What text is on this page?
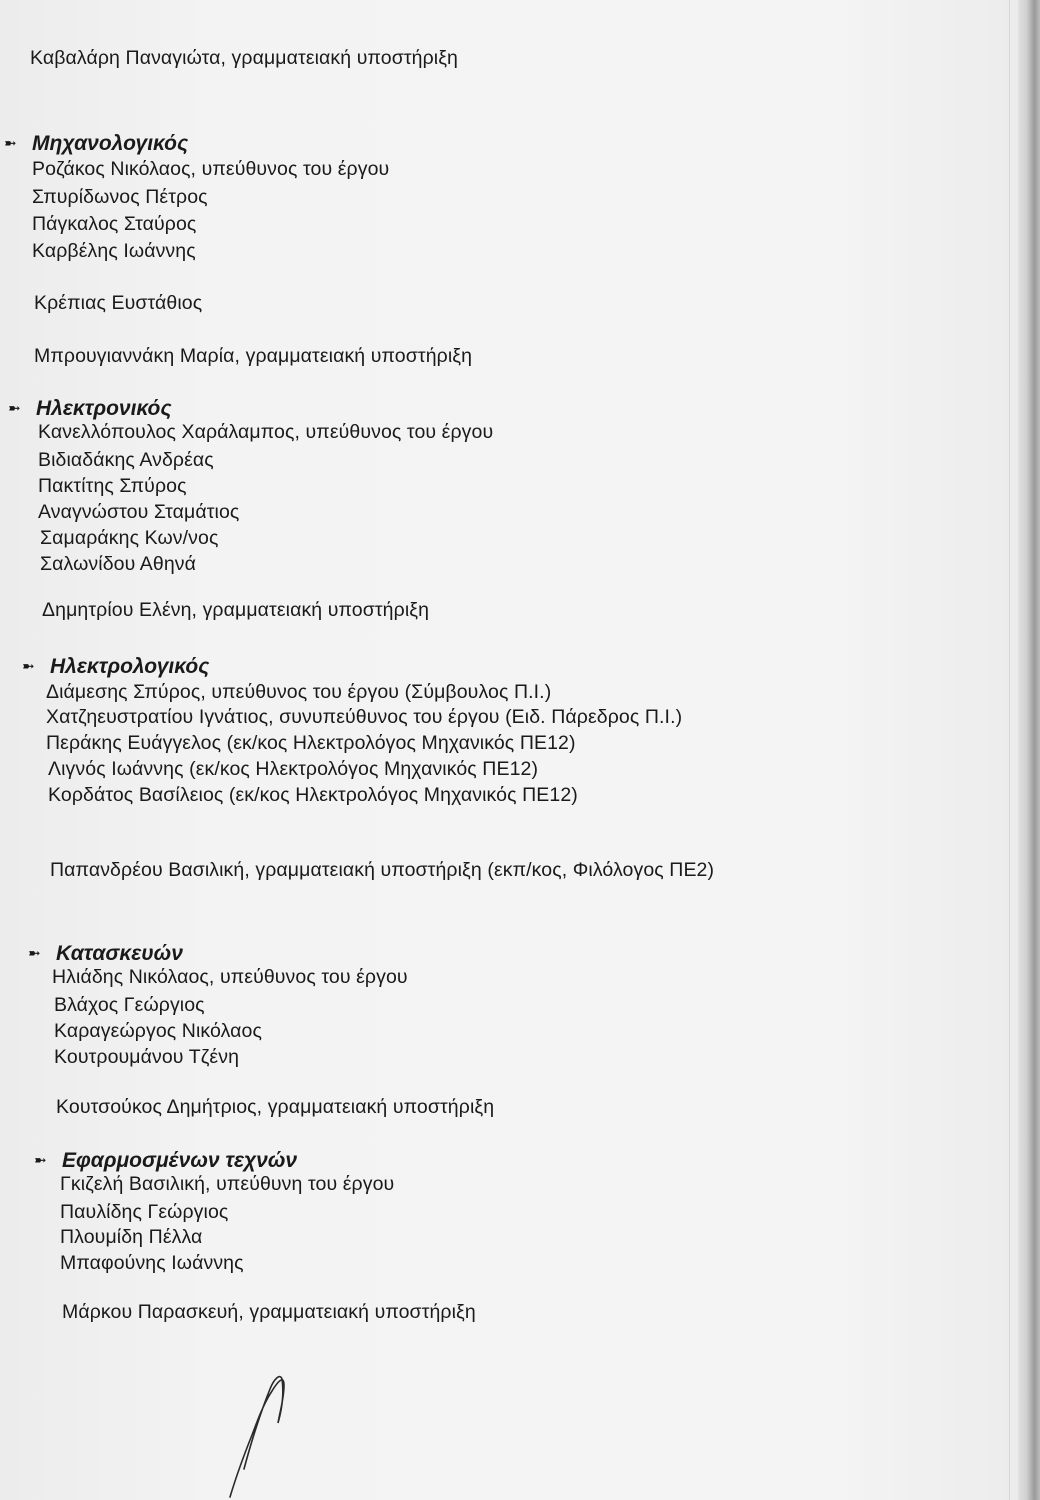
Καβαλάρη Παναγιώτα, γραμματειακή υποστήριξη
➼ Μηχανολογικός
Ροζάκος Νικόλαος, υπεύθυνος του έργου
Σπυρίδωνος Πέτρος
Πάγκαλος Σταύρος
Καρβέλης Ιωάννης
Κρέπιας Ευστάθιος
Μπρουγιαννάκη Μαρία, γραμματειακή υποστήριξη
➼ Ηλεκτρονικός
Κανελλόπουλος Χαράλαμπος, υπεύθυνος του έργου
Βιδιαδάκης Ανδρέας
Πακτίτης Σπύρος
Αναγνώστου Σταμάτιος
Σαμαράκης Κων/νος
Σαλωνίδου Αθηνά
Δημητρίου Ελένη, γραμματειακή υποστήριξη
➼ Ηλεκτρολογικός
Διάμεσης Σπύρος, υπεύθυνος του έργου (Σύμβουλος Π.Ι.)
Χατζηευστρατίου Ιγνάτιος, συνυπεύθυνος του έργου (Ειδ. Πάρεδρος Π.Ι.)
Περάκης Ευάγγελος (εκ/κος Ηλεκτρολόγος Μηχανικός ΠΕ12)
Λιγνός Ιωάννης (εκ/κος Ηλεκτρολόγος Μηχανικός ΠΕ12)
Κορδάτος Βασίλειος (εκ/κος Ηλεκτρολόγος Μηχανικός ΠΕ12)
Παπανδρέου Βασιλική, γραμματειακή υποστήριξη (εκπ/κος, Φιλόλογος ΠΕ2)
➼ Κατασκευών
Ηλιάδης Νικόλαος, υπεύθυνος του έργου
Βλάχος Γεώργιος
Καραγεώργος Νικόλαος
Κουτρουμάνου Τζένη
Κουτσούκος Δημήτριος, γραμματειακή υποστήριξη
➼ Εφαρμοσμένων τεχνών
Γκιζελή Βασιλική, υπεύθυνη του έργου
Παυλίδης Γεώργιος
Πλουμίδη Πέλλα
Μπαφούνης Ιωάννης
Μάρκου Παρασκευή, γραμματειακή υποστήριξη
